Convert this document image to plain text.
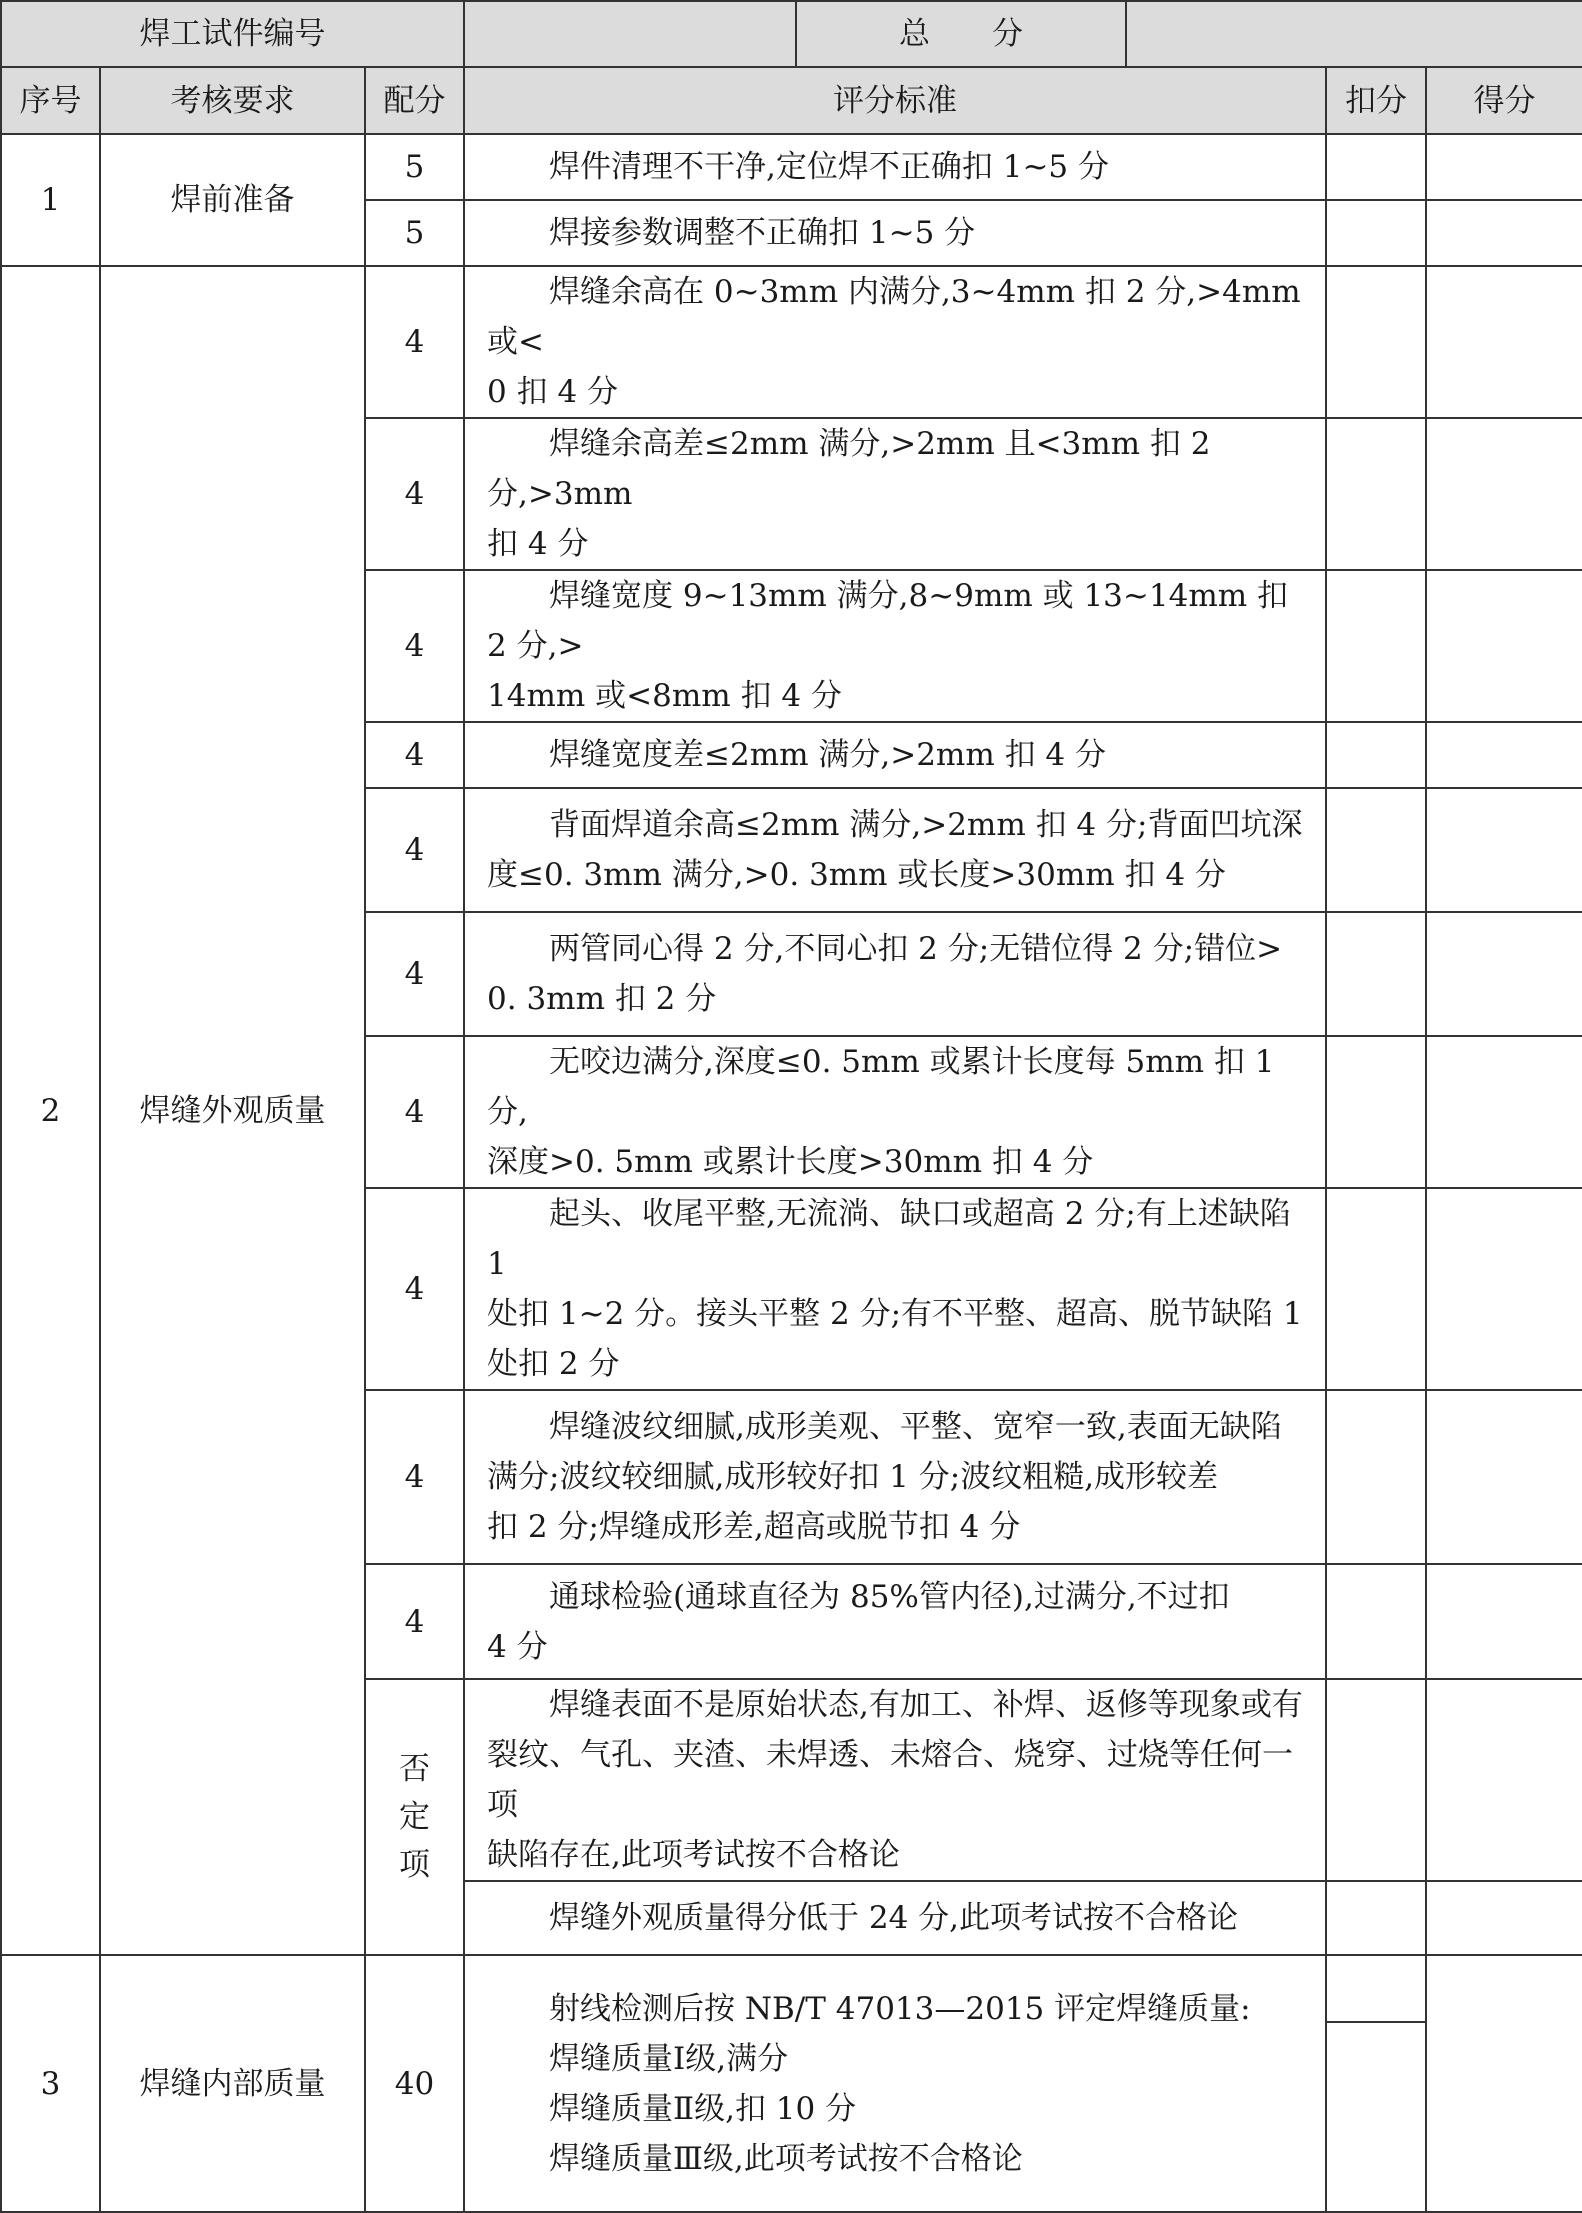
焊工试件编号				总　　分			
序号	考核要求	配分	评分标准			扣分	得分
1	焊前准备	5	焊件清理不干净,定位焊不正确扣 1~5 分				

		5	焊接参数调整不正确扣 1~5 分				

2	焊缝外观质量	4	焊缝余高在 0~3mm 内满分,3~4mm 扣 2 分,>4mm 或<
0 扣 4 分				

		4	焊缝余高差≤2mm 满分,>2mm 且<3mm 扣 2 分,>3mm
扣 4 分				

		4	焊缝宽度 9~13mm 满分,8~9mm 或 13~14mm 扣 2 分,>
14mm 或<8mm 扣 4 分				

		4	焊缝宽度差≤2mm 满分,>2mm 扣 4 分				

		4	背面焊道余高≤2mm 满分,>2mm 扣 4 分;背面凹坑深
度≤0. 3mm 满分,>0. 3mm 或长度>30mm 扣 4 分				

		4	两管同心得 2 分,不同心扣 2 分;无错位得 2 分;错位>
0. 3mm 扣 2 分				

		4	无咬边满分,深度≤0. 5mm 或累计长度每 5mm 扣 1 分,
深度>0. 5mm 或累计长度>30mm 扣 4 分				

		4	起头、收尾平整,无流淌、缺口或超高 2 分;有上述缺陷 1
处扣 1~2 分。接头平整 2 分;有不平整、超高、脱节缺陷 1
处扣 2 分				

		4	焊缝波纹细腻,成形美观、平整、宽窄一致,表面无缺陷
满分;波纹较细腻,成形较好扣 1 分;波纹粗糙,成形较差
扣 2 分;焊缝成形差,超高或脱节扣 4 分				

		4	通球检验(通球直径为 85%管内径),过满分,不过扣
4 分				

		否
定
项	焊缝表面不是原始状态,有加工、补焊、返修等现象或有
裂纹、气孔、夹渣、未焊透、未熔合、烧穿、过烧等任何一项
缺陷存在,此项考试按不合格论				

			焊缝外观质量得分低于 24 分,此项考试按不合格论				

3	焊缝内部质量	40	射线检测后按 NB/T 47013—2015 评定焊缝质量:
焊缝质量Ⅰ级,满分
焊缝质量Ⅱ级,扣 10 分
焊缝质量Ⅲ级,此项考试按不合格论				
